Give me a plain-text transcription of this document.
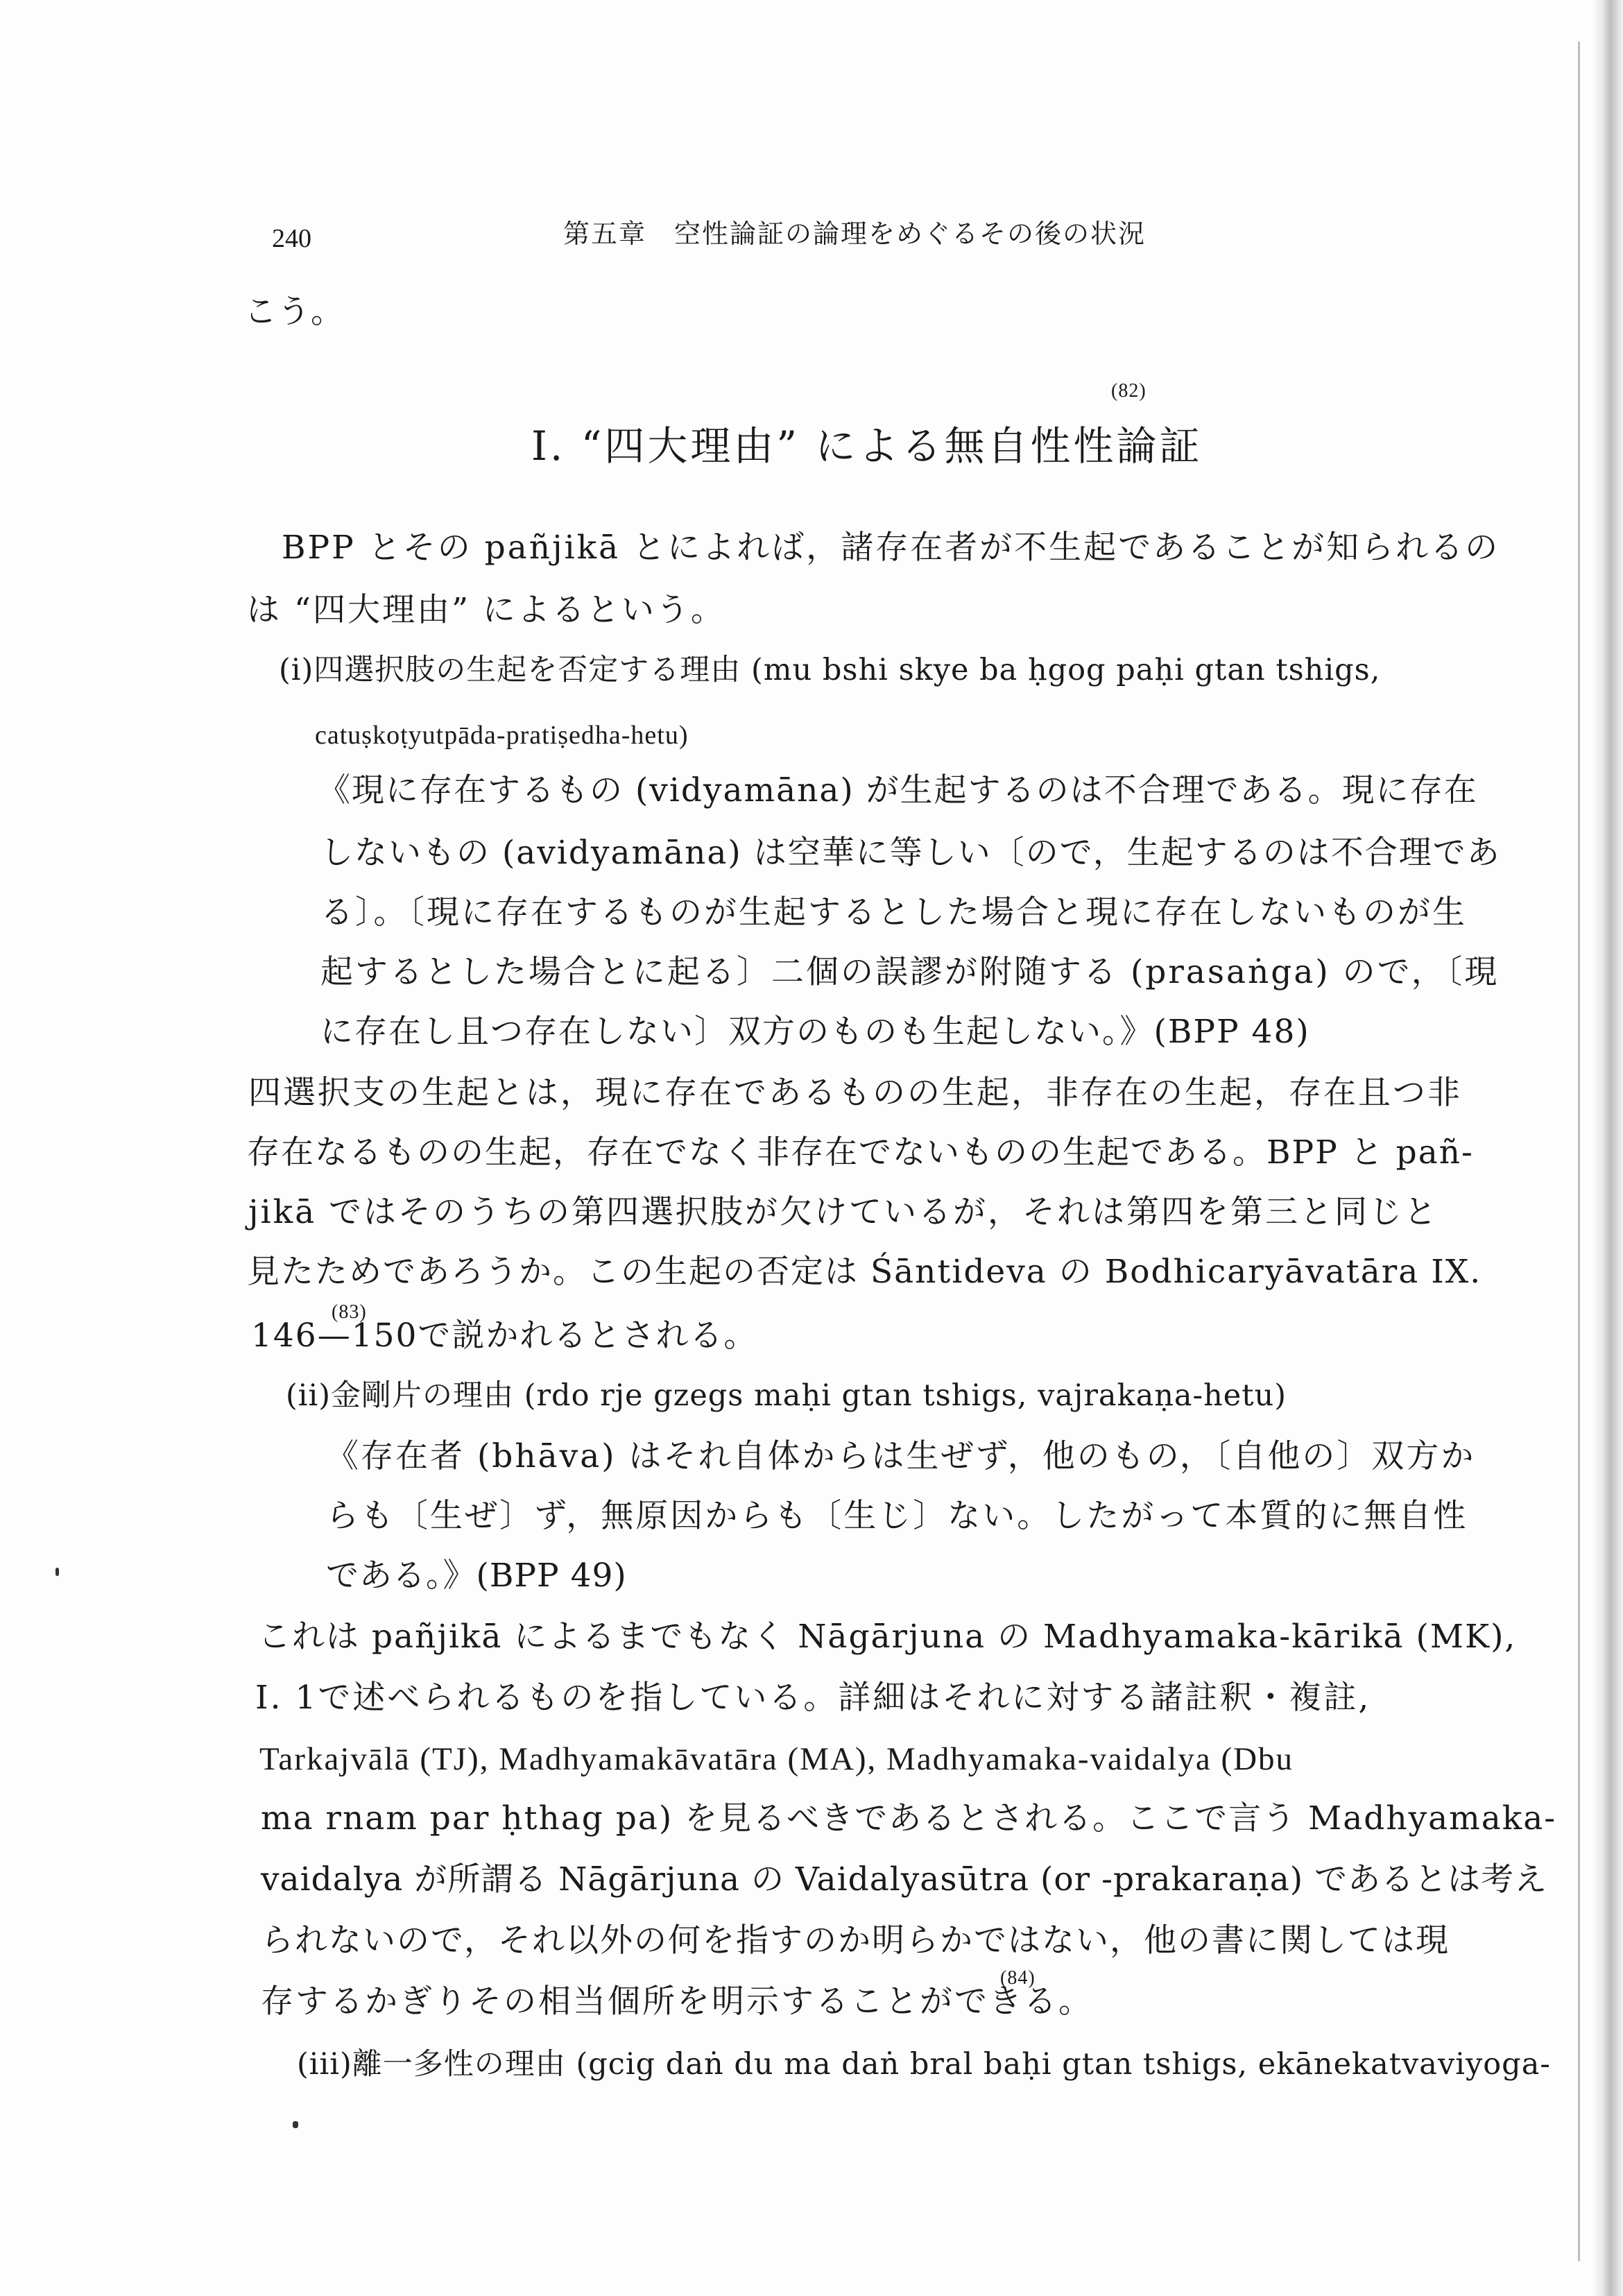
240	第五章　空性論証の論理をめぐるその後の状況
こう。
(82)
I. “四大理由” による無自性性論証
BPP とその pañjikā とによれば，諸存在者が不生起であることが知られるの
は “四大理由” によるという。
(i)四選択肢の生起を否定する理由 (mu bshi skye ba ḥgog paḥi gtan tshigs,
catuṣkoṭyutpāda-pratiṣedha-hetu)
《現に存在するもの (vidyamāna) が生起するのは不合理である。現に存在
しないもの (avidyamāna) は空華に等しい〔ので，生起するのは不合理であ
る〕。〔現に存在するものが生起するとした場合と現に存在しないものが生
起するとした場合とに起る〕二個の誤謬が附随する (prasaṅga) ので，〔現
に存在し且つ存在しない〕双方のものも生起しない。》(BPP 48)
四選択支の生起とは，現に存在であるものの生起，非存在の生起，存在且つ非
存在なるものの生起，存在でなく非存在でないものの生起である。BPP と pañ-
jikā ではそのうちの第四選択肢が欠けているが，それは第四を第三と同じと
見たためであろうか。この生起の否定は Śāntideva の Bodhicaryāvatāra IX.
(83)
146—150で説かれるとされる。
(ii)金剛片の理由 (rdo rje gzegs maḥi gtan tshigs, vajrakaṇa-hetu)
《存在者 (bhāva) はそれ自体からは生ぜず，他のもの，〔自他の〕双方か
らも〔生ぜ〕ず，無原因からも〔生じ〕ない。したがって本質的に無自性
である。》(BPP 49)
これは pañjikā によるまでもなく Nāgārjuna の Madhyamaka-kārikā (MK),
I. 1で述べられるものを指している。詳細はそれに対する諸註釈・複註,
Tarkajvālā (TJ), Madhyamakāvatāra (MA), Madhyamaka-vaidalya (Dbu
ma rnam par ḥthag pa) を見るべきであるとされる。ここで言う Madhyamaka-
vaidalya が所謂る Nāgārjuna の Vaidalyasūtra (or -prakaraṇa) であるとは考え
られないので，それ以外の何を指すのか明らかではない，他の書に関しては現
(84)
存するかぎりその相当個所を明示することができる。
(iii)離一多性の理由 (gcig daṅ du ma daṅ bral baḥi gtan tshigs, ekānekatvaviyoga-
